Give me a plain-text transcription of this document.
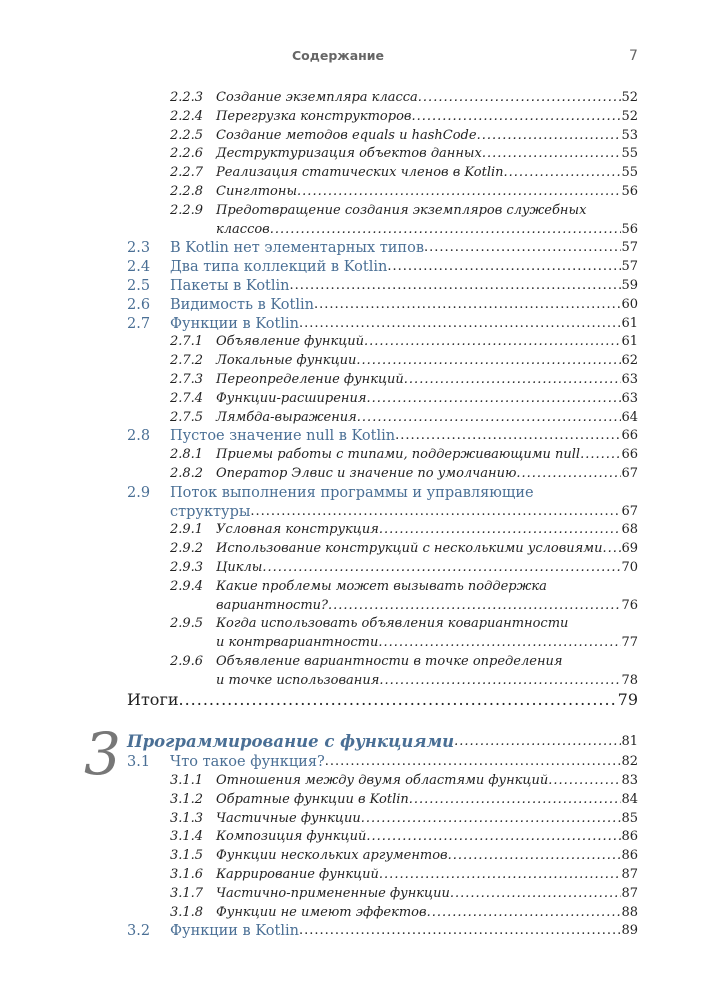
Содержание	7
2.2.3 Создание экземпляра класса .....	52
2.2.4 Перегрузка конструкторов .....	52
2.2.5 Создание методов equals и hashCode .....	53
2.2.6 Деструктуризация объектов данных .....	55
2.2.7 Реализация статических членов в Kotlin .....	55
2.2.8 Синглтоны .....	56
2.2.9 Предотвращение создания экземпляров служебных
классов .....	56
2.3 В Kotlin нет элементарных типов .....	57
2.4 Два типа коллекций в Kotlin .....	57
2.5 Пакеты в Kotlin .....	59
2.6 Видимость в Kotlin .....	60
2.7 Функции в Kotlin .....	61
2.7.1 Объявление функций .....	61
2.7.2 Локальные функции .....	62
2.7.3 Переопределение функций .....	63
2.7.4 Функции-расширения .....	63
2.7.5 Лямбда-выражения .....	64
2.8 Пустое значение null в Kotlin .....	66
2.8.1 Приемы работы с типами, поддерживающими null .....	66
2.8.2 Оператор Элвис и значение по умолчанию .....	67
2.9 Поток выполнения программы и управляющие
структуры .....	67
2.9.1 Условная конструкция .....	68
2.9.2 Использование конструкций с несколькими условиями ..... 69
2.9.3 Циклы .....	70
2.9.4 Какие проблемы может вызывать поддержка
вариантности? .....	76
2.9.5 Когда использовать объявления ковариантности
и контрвариантности .....	77
2.9.6 Объявление вариантности в точке определения
и точке использования .....	78
Итоги .....	79
3 Программирование с функциями .....	81
3.1 Что такое функция? .....	82
3.1.1 Отношения между двумя областями функций .....	83
3.1.2 Обратные функции в Kotlin .....	84
3.1.3 Частичные функции .....	85
3.1.4 Композиция функций .....	86
3.1.5 Функции нескольких аргументов .....	86
3.1.6 Каррирование функций .....	87
3.1.7 Частично-примененные функции .....	87
3.1.8 Функции не имеют эффектов .....	88
3.2 Функции в Kotlin .....	89
